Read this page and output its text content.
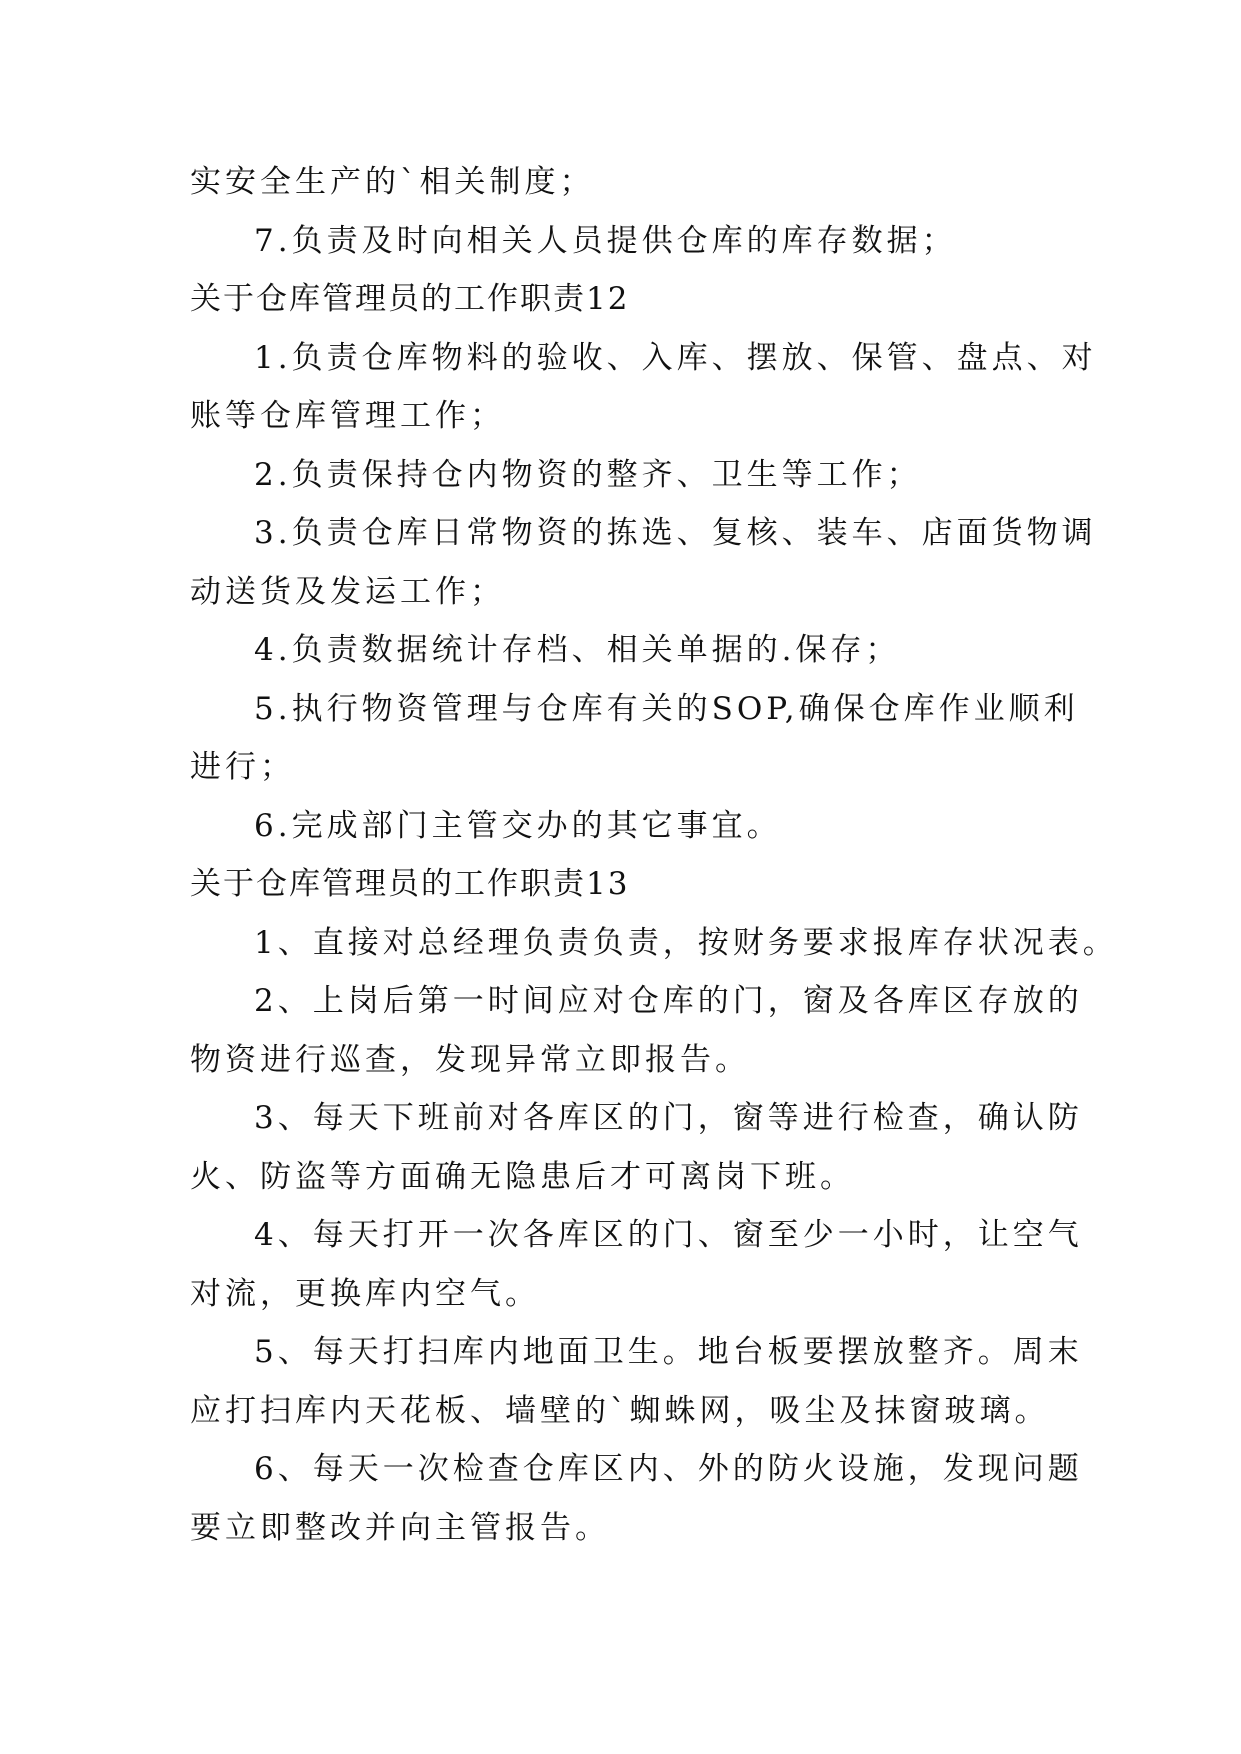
实安全生产的`相关制度；
7.负责及时向相关人员提供仓库的库存数据；
关于仓库管理员的工作职责12
1.负责仓库物料的验收、入库、摆放、保管、盘点、对
账等仓库管理工作；
2.负责保持仓内物资的整齐、卫生等工作；
3.负责仓库日常物资的拣选、复核、装车、店面货物调
动送货及发运工作；
4.负责数据统计存档、相关单据的.保存；
5.执行物资管理与仓库有关的SOP,确保仓库作业顺利
进行；
6.完成部门主管交办的其它事宜。
关于仓库管理员的工作职责13
1、直接对总经理负责负责，按财务要求报库存状况表。
2、上岗后第一时间应对仓库的门，窗及各库区存放的
物资进行巡查，发现异常立即报告。
3、每天下班前对各库区的门，窗等进行检查，确认防
火、防盗等方面确无隐患后才可离岗下班。
4、每天打开一次各库区的门、窗至少一小时，让空气
对流，更换库内空气。
5、每天打扫库内地面卫生。地台板要摆放整齐。周末
应打扫库内天花板、墙壁的`蜘蛛网，吸尘及抹窗玻璃。
6、每天一次检查仓库区内、外的防火设施，发现问题
要立即整改并向主管报告。
